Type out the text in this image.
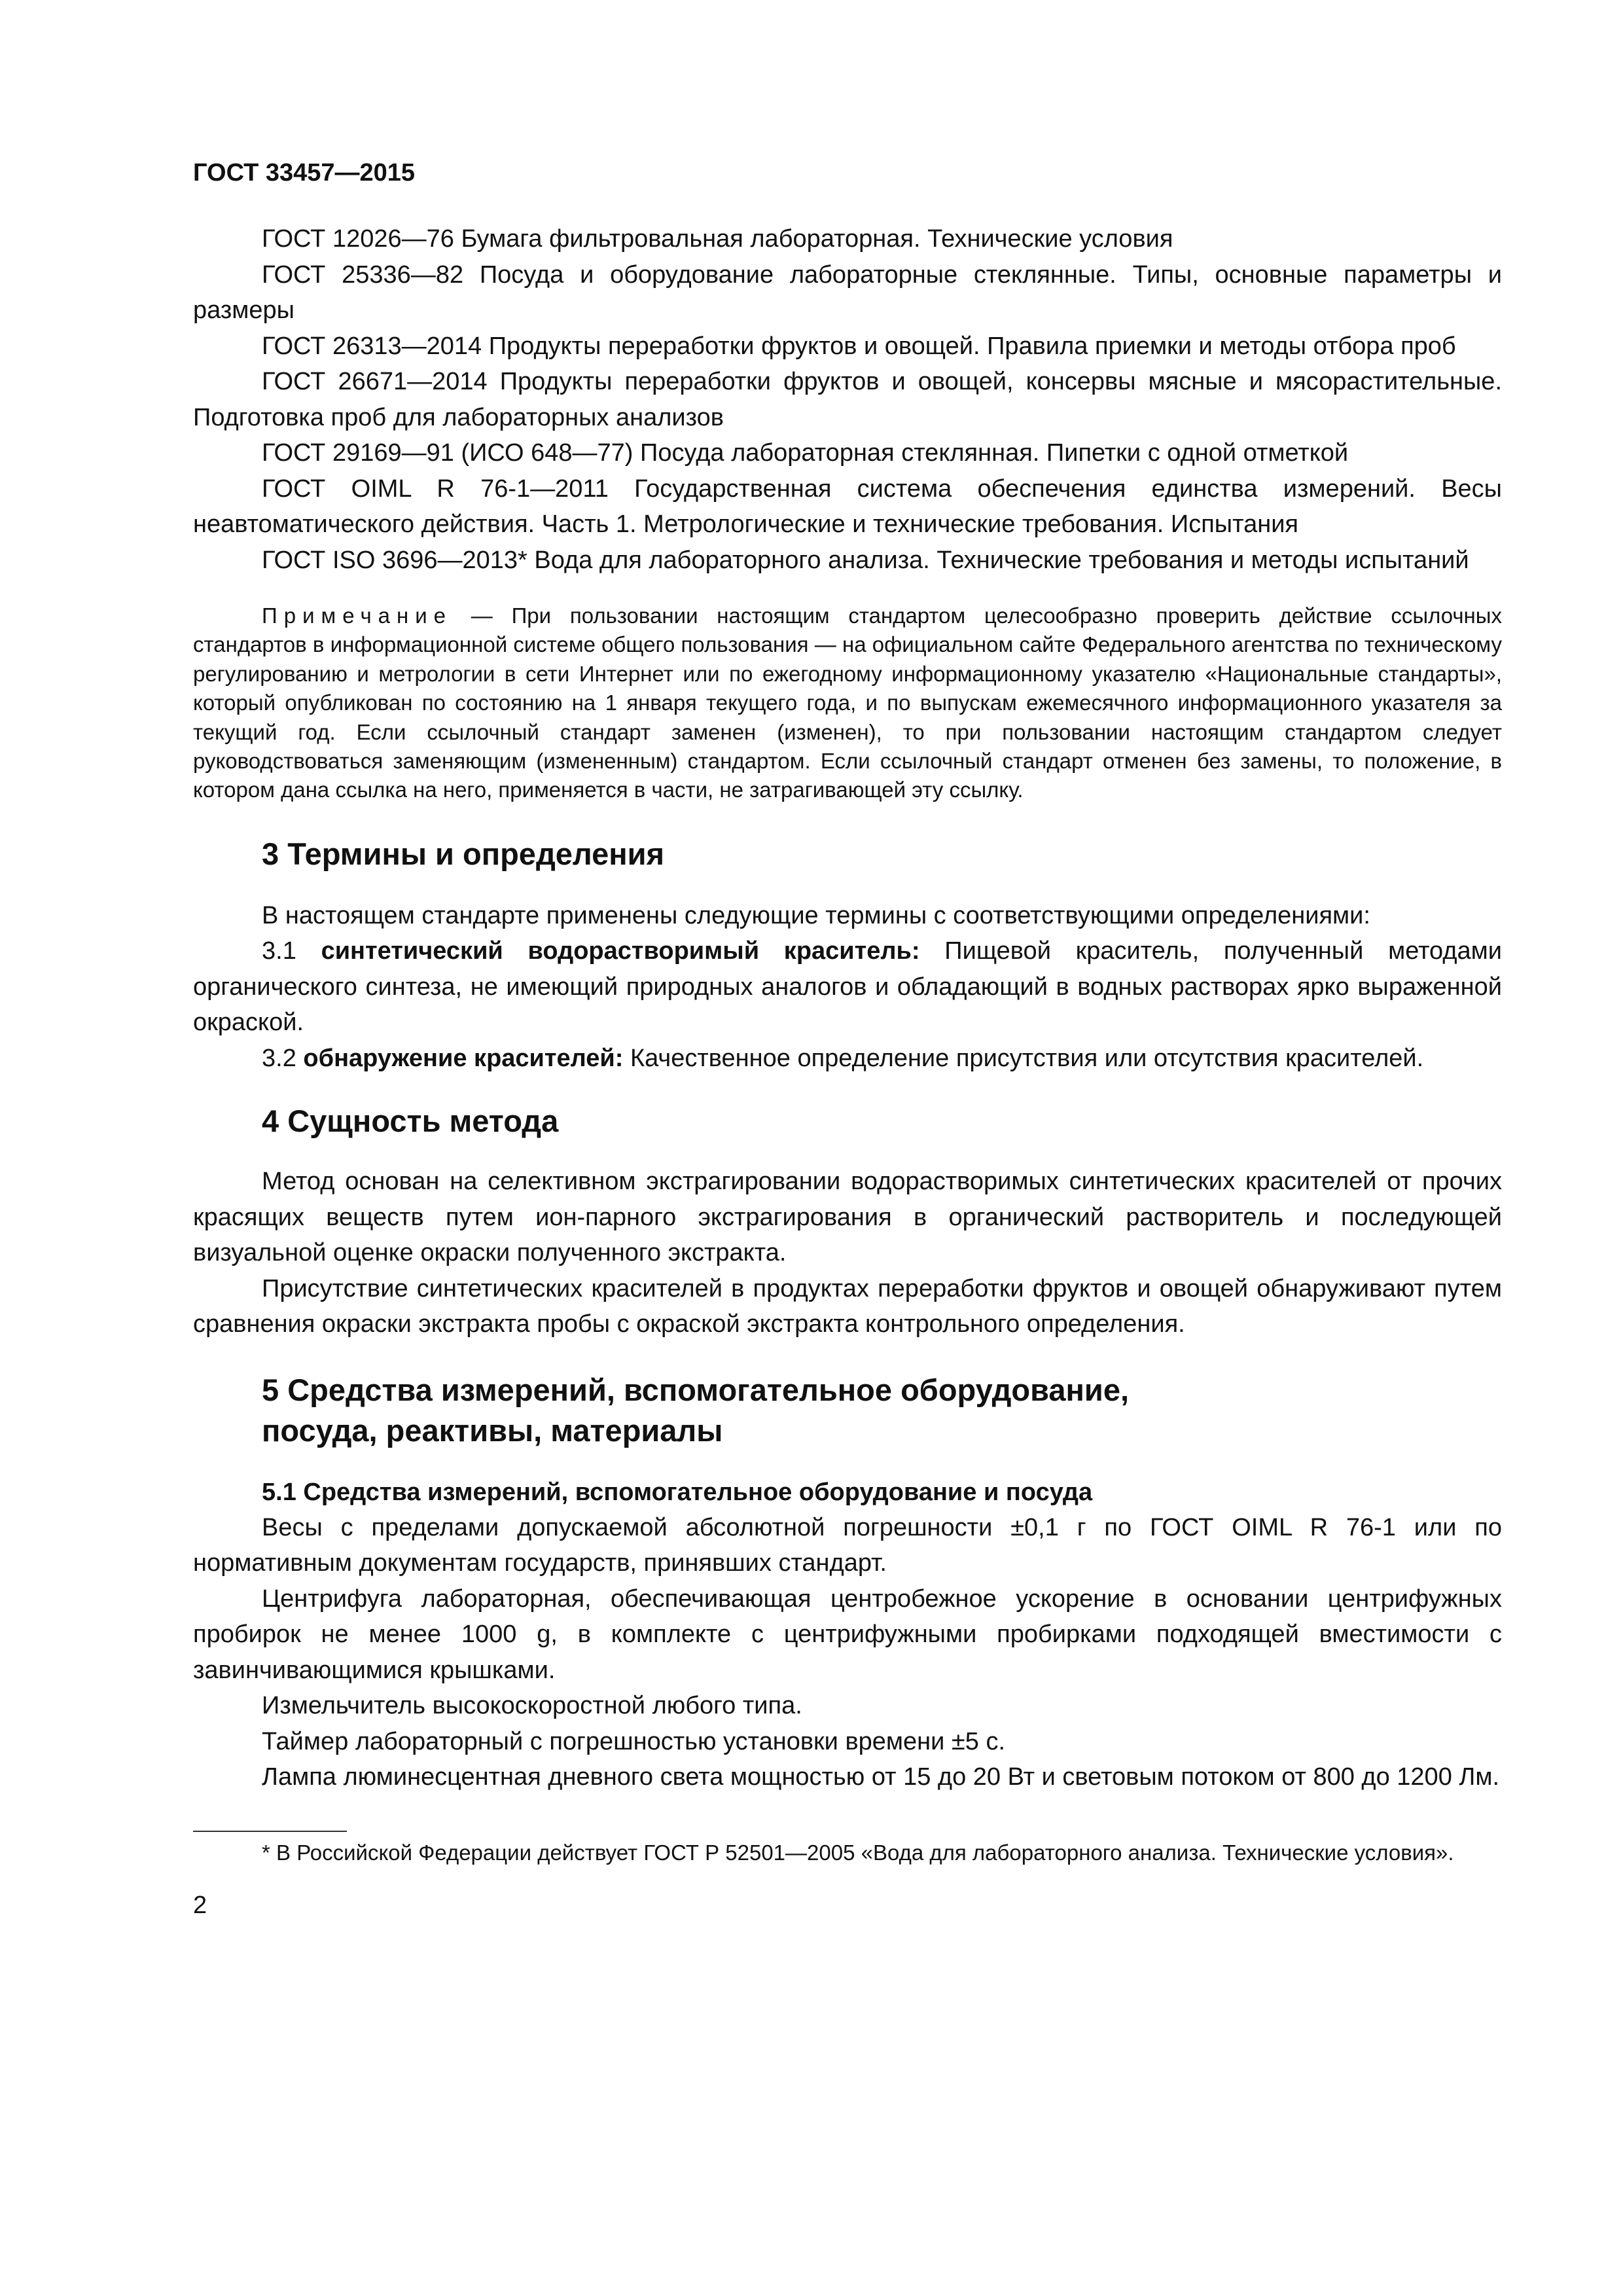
ГОСТ 33457—2015

ГОСТ 12026—76 Бумага фильтровальная лабораторная. Технические условия

ГОСТ 25336—82 Посуда и оборудование лабораторные стеклянные. Типы, основные параметры и размеры

ГОСТ 26313—2014 Продукты переработки фруктов и овощей. Правила приемки и методы отбора проб

ГОСТ 26671—2014 Продукты переработки фруктов и овощей, консервы мясные и мясорастительные. Подготовка проб для лабораторных анализов

ГОСТ 29169—91 (ИСО 648—77) Посуда лабораторная стеклянная. Пипетки с одной отметкой

ГОСТ OIML R 76-1—2011 Государственная система обеспечения единства измерений. Весы неавтоматического действия. Часть 1. Метрологические и технические требования. Испытания

ГОСТ ISO 3696—2013* Вода для лабораторного анализа. Технические требования и методы испытаний

Примечание — При пользовании настоящим стандартом целесообразно проверить действие ссылочных стандартов в информационной системе общего пользования — на официальном сайте Федерального агентства по техническому регулированию и метрологии в сети Интернет или по ежегодному информационному указателю «Национальные стандарты», который опубликован по состоянию на 1 января текущего года, и по выпускам ежемесячного информационного указателя за текущий год. Если ссылочный стандарт заменен (изменен), то при пользовании настоящим стандартом следует руководствоваться заменяющим (измененным) стандартом. Если ссылочный стандарт отменен без замены, то положение, в котором дана ссылка на него, применяется в части, не затрагивающей эту ссылку.

3 Термины и определения

В настоящем стандарте применены следующие термины с соответствующими определениями:

3.1 синтетический водорастворимый краситель: Пищевой краситель, полученный методами органического синтеза, не имеющий природных аналогов и обладающий в водных растворах ярко выраженной окраской.

3.2 обнаружение красителей: Качественное определение присутствия или отсутствия красителей.

4 Сущность метода

Метод основан на селективном экстрагировании водорастворимых синтетических красителей от прочих красящих веществ путем ион-парного экстрагирования в органический растворитель и последующей визуальной оценке окраски полученного экстракта.

Присутствие синтетических красителей в продуктах переработки фруктов и овощей обнаруживают путем сравнения окраски экстракта пробы с окраской экстракта контрольного определения.

5 Средства измерений, вспомогательное оборудование,
посуда, реактивы, материалы
5.1 Средства измерений, вспомогательное оборудование и посуда

Весы с пределами допускаемой абсолютной погрешности ±0,1 г по ГОСТ OIML R 76-1 или по нормативным документам государств, принявших стандарт.

Центрифуга лабораторная, обеспечивающая центробежное ускорение в основании центрифужных пробирок не менее 1000 g, в комплекте с центрифужными пробирками подходящей вместимости с завинчивающимися крышками.

Измельчитель высокоскоростной любого типа.

Таймер лабораторный с погрешностью установки времени ±5 с.

Лампа люминесцентная дневного света мощностью от 15 до 20 Вт и световым потоком от 800 до 1200 Лм.

* В Российской Федерации действует ГОСТ Р 52501—2005 «Вода для лабораторного анализа. Технические условия».

2
